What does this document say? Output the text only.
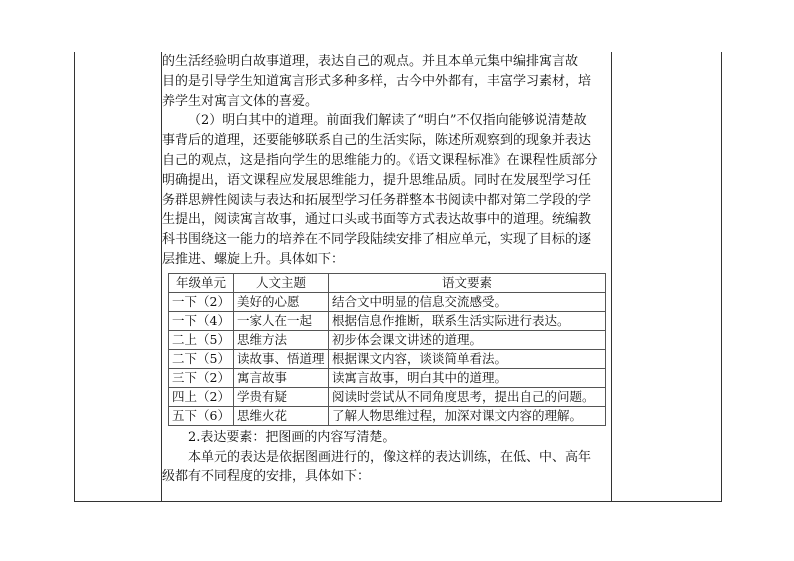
的生活经验明白故事道理，表达自己的观点。并且本单元集中编排寓言故

目的是引导学生知道寓言形式多种多样，古今中外都有，丰富学习素材，培

养学生对寓言文体的喜爱。

（2）明白其中的道理。前面我们解读了“明白”不仅指向能够说清楚故

事背后的道理，还要能够联系自己的生活实际，陈述所观察到的现象并表达

自己的观点，这是指向学生的思维能力的。《语文课程标准》在课程性质部分

明确提出，语文课程应发展思维能力，提升思维品质。同时在发展型学习任

务群思辨性阅读与表达和拓展型学习任务群整本书阅读中都对第二学段的学

生提出，阅读寓言故事，通过口头或书面等方式表达故事中的道理。统编教

科书围绕这一能力的培养在不同学段陆续安排了相应单元，实现了目标的逐

层推进、螺旋上升。具体如下：

年级单元	人文主题	语文要素
一下（2）	美好的心愿	结合文中明显的信息交流感受。
一下（4）	一家人在一起	根据信息作推断，联系生活实际进行表达。
二上（5）	思维方法	初步体会课文讲述的道理。
二下（5）	读故事、悟道理	根据课文内容，谈谈简单看法。
三下（2）	寓言故事	读寓言故事，明白其中的道理。
四上（2）	学贵有疑	阅读时尝试从不同角度思考，提出自己的问题。
五下（6）	思维火花	了解人物思维过程，加深对课文内容的理解。

2.表达要素：把图画的内容写清楚。

本单元的表达是依据图画进行的，像这样的表达训练，在低、中、高年

级都有不同程度的安排，具体如下：
